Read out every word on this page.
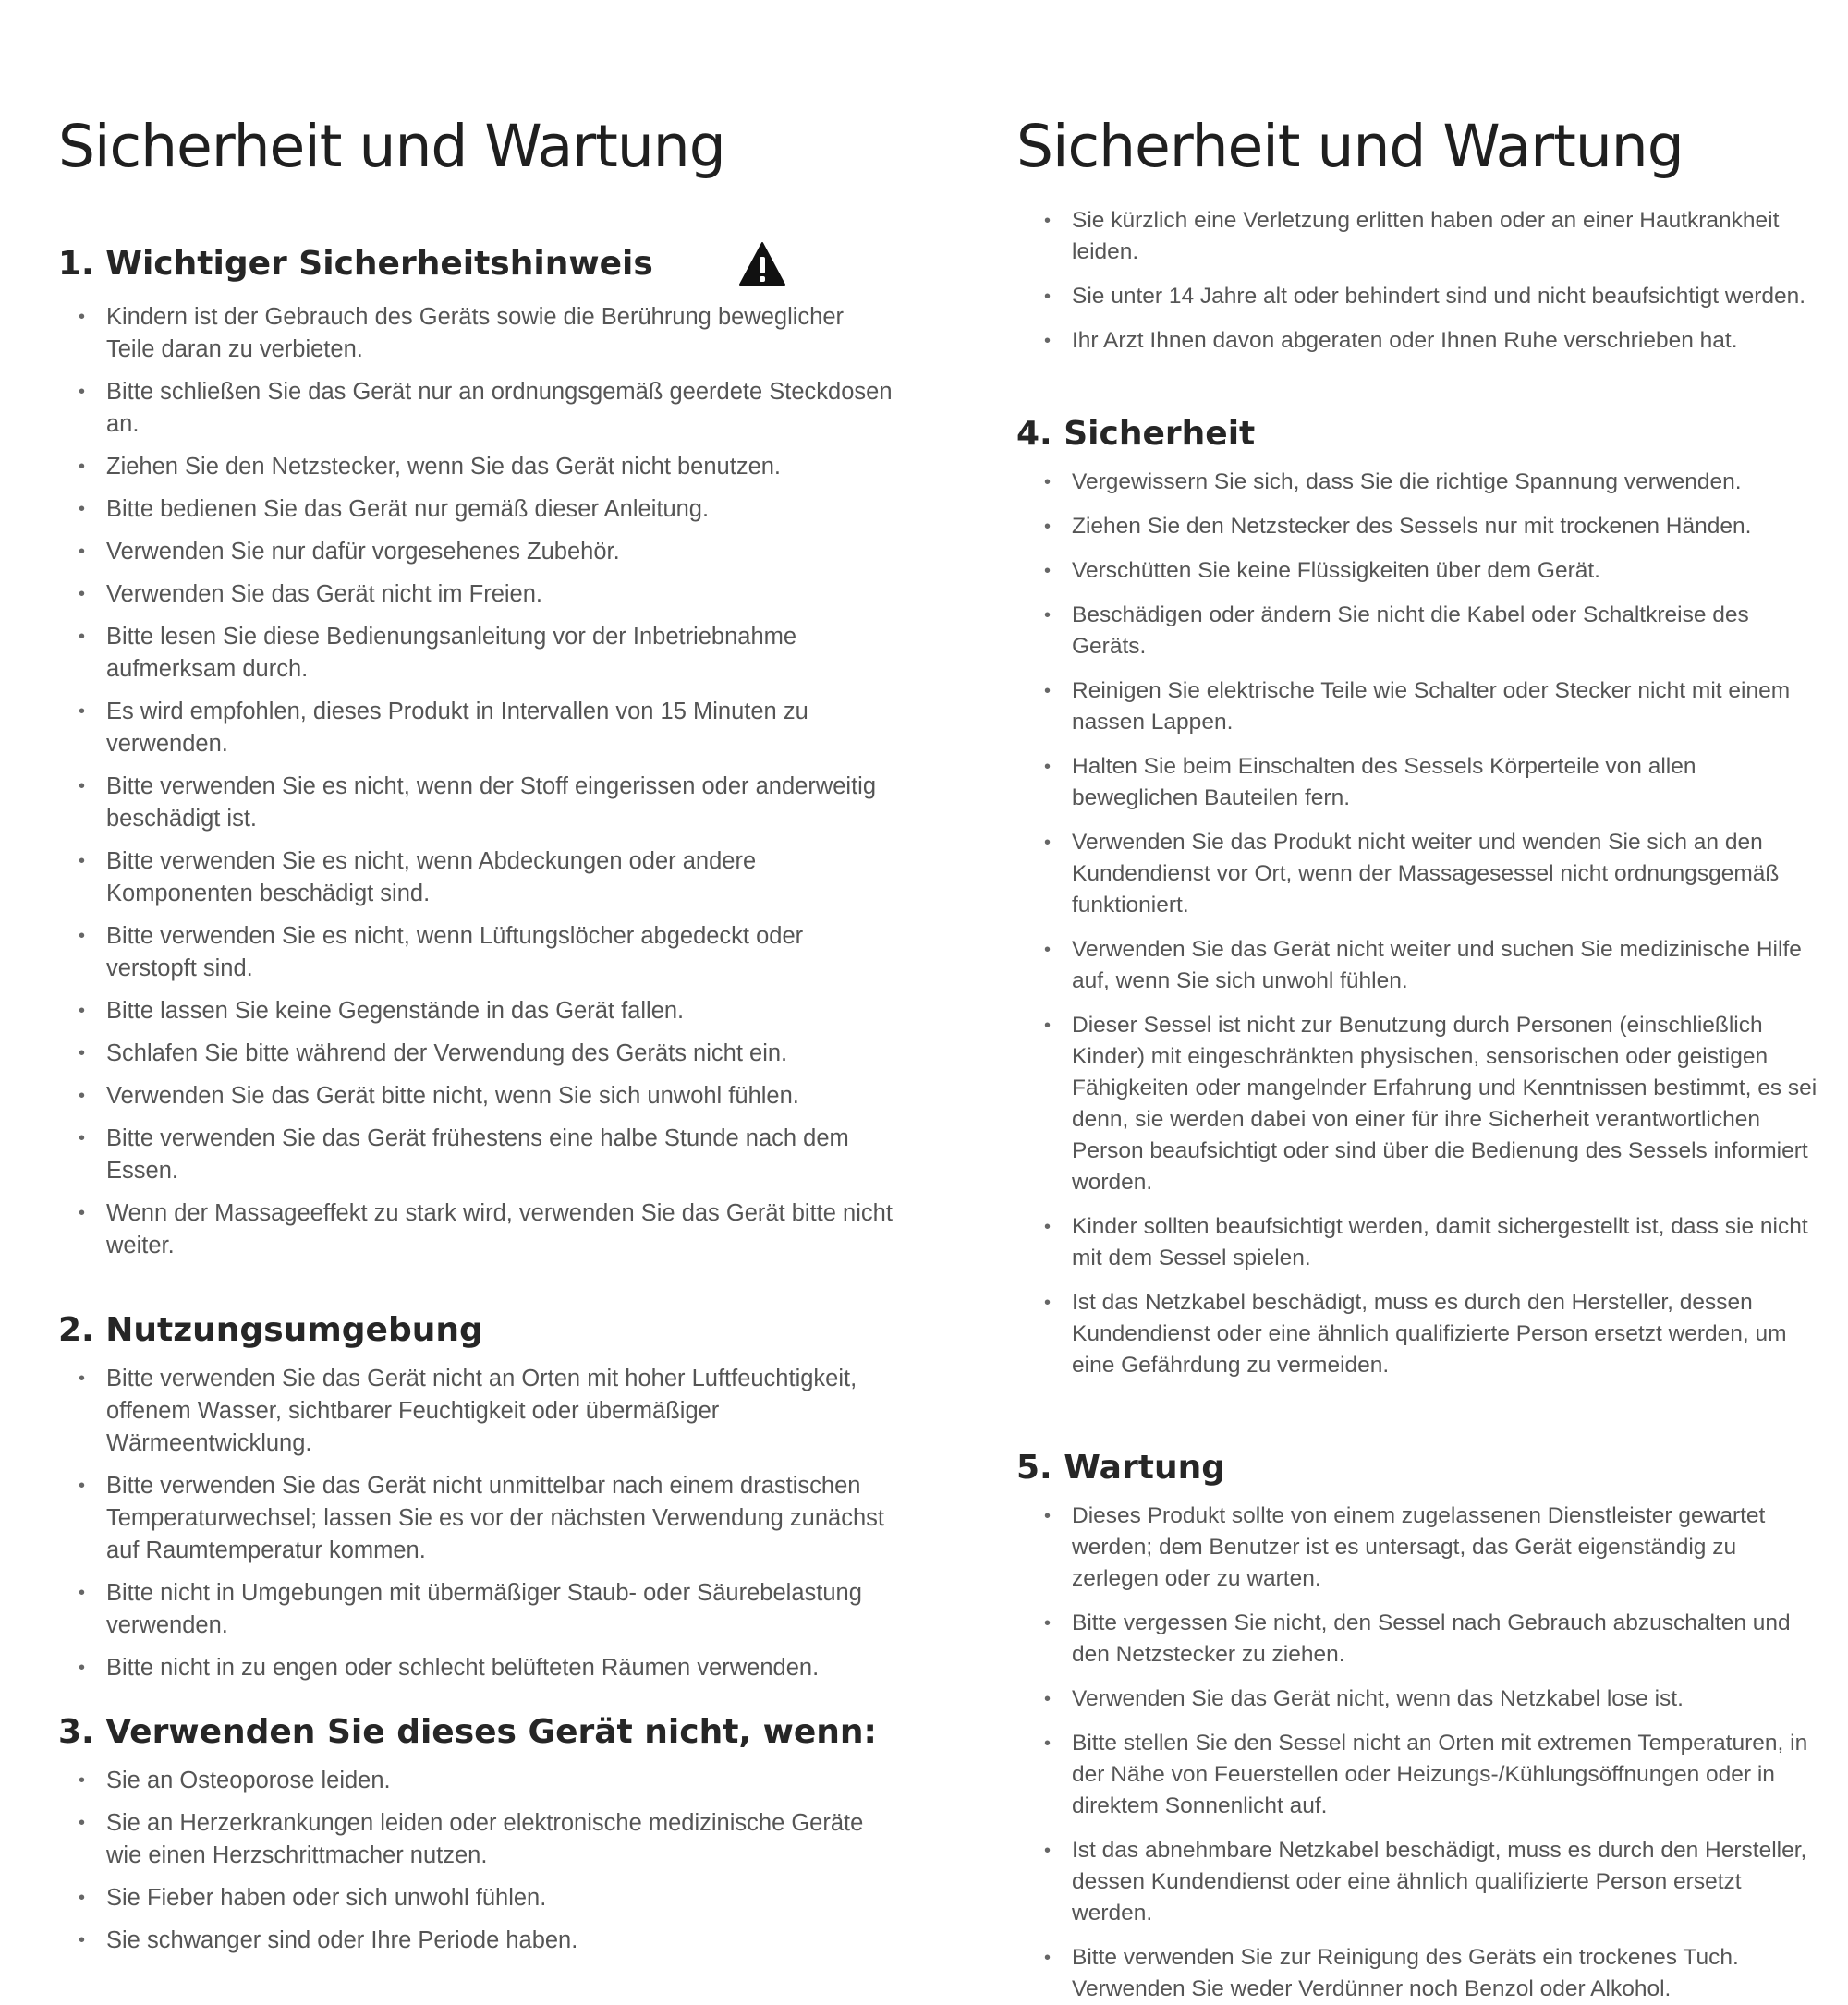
Sicherheit und Wartung
1. Wichtiger Sicherheitshinweis
• Kindern ist der Gebrauch des Geräts sowie die Berührung beweglicher Teile daran zu verbieten.
• Bitte schließen Sie das Gerät nur an ordnungsgemäß geerdete Steckdosen an.
• Ziehen Sie den Netzstecker, wenn Sie das Gerät nicht benutzen.
• Bitte bedienen Sie das Gerät nur gemäß dieser Anleitung.
• Verwenden Sie nur dafür vorgesehenes Zubehör.
• Verwenden Sie das Gerät nicht im Freien.
• Bitte lesen Sie diese Bedienungsanleitung vor der Inbetriebnahme aufmerksam durch.
• Es wird empfohlen, dieses Produkt in Intervallen von 15 Minuten zu verwenden.
• Bitte verwenden Sie es nicht, wenn der Stoff eingerissen oder anderweitig beschädigt ist.
• Bitte verwenden Sie es nicht, wenn Abdeckungen oder andere Komponenten beschädigt sind.
• Bitte verwenden Sie es nicht, wenn Lüftungslöcher abgedeckt oder verstopft sind.
• Bitte lassen Sie keine Gegenstände in das Gerät fallen.
• Schlafen Sie bitte während der Verwendung des Geräts nicht ein.
• Verwenden Sie das Gerät bitte nicht, wenn Sie sich unwohl fühlen.
• Bitte verwenden Sie das Gerät frühestens eine halbe Stunde nach dem Essen.
• Wenn der Massageeffekt zu stark wird, verwenden Sie das Gerät bitte nicht weiter.
2. Nutzungsumgebung
• Bitte verwenden Sie das Gerät nicht an Orten mit hoher Luftfeuchtigkeit, offenem Wasser, sichtbarer Feuchtigkeit oder übermäßiger Wärmeentwicklung.
• Bitte verwenden Sie das Gerät nicht unmittelbar nach einem drastischen Temperaturwechsel; lassen Sie es vor der nächsten Verwendung zunächst auf Raumtemperatur kommen.
• Bitte nicht in Umgebungen mit übermäßiger Staub- oder Säurebelastung verwenden.
• Bitte nicht in zu engen oder schlecht belüfteten Räumen verwenden.
3. Verwenden Sie dieses Gerät nicht, wenn:
• Sie an Osteoporose leiden.
• Sie an Herzerkrankungen leiden oder elektronische medizinische Geräte wie einen Herzschrittmacher nutzen.
• Sie Fieber haben oder sich unwohl fühlen.
• Sie schwanger sind oder Ihre Periode haben.
Sicherheit und Wartung
• Sie kürzlich eine Verletzung erlitten haben oder an einer Hautkrankheit leiden.
• Sie unter 14 Jahre alt oder behindert sind und nicht beaufsichtigt werden.
• Ihr Arzt Ihnen davon abgeraten oder Ihnen Ruhe verschrieben hat.
4. Sicherheit
• Vergewissern Sie sich, dass Sie die richtige Spannung verwenden.
• Ziehen Sie den Netzstecker des Sessels nur mit trockenen Händen.
• Verschütten Sie keine Flüssigkeiten über dem Gerät.
• Beschädigen oder ändern Sie nicht die Kabel oder Schaltkreise des Geräts.
• Reinigen Sie elektrische Teile wie Schalter oder Stecker nicht mit einem nassen Lappen.
• Halten Sie beim Einschalten des Sessels Körperteile von allen beweglichen Bauteilen fern.
• Verwenden Sie das Produkt nicht weiter und wenden Sie sich an den Kundendienst vor Ort, wenn der Massagesessel nicht ordnungsgemäß funktioniert.
• Verwenden Sie das Gerät nicht weiter und suchen Sie medizinische Hilfe auf, wenn Sie sich unwohl fühlen.
• Dieser Sessel ist nicht zur Benutzung durch Personen (einschließlich Kinder) mit eingeschränkten physischen, sensorischen oder geistigen Fähigkeiten oder mangelnder Erfahrung und Kenntnissen bestimmt, es sei denn, sie werden dabei von einer für ihre Sicherheit verantwortlichen Person beaufsichtigt oder sind über die Bedienung des Sessels informiert worden.
• Kinder sollten beaufsichtigt werden, damit sichergestellt ist, dass sie nicht mit dem Sessel spielen.
• Ist das Netzkabel beschädigt, muss es durch den Hersteller, dessen Kundendienst oder eine ähnlich qualifizierte Person ersetzt werden, um eine Gefährdung zu vermeiden.
5. Wartung
• Dieses Produkt sollte von einem zugelassenen Dienstleister gewartet werden; dem Benutzer ist es untersagt, das Gerät eigenständig zu zerlegen oder zu warten.
• Bitte vergessen Sie nicht, den Sessel nach Gebrauch abzuschalten und den Netzstecker zu ziehen.
• Verwenden Sie das Gerät nicht, wenn das Netzkabel lose ist.
• Bitte stellen Sie den Sessel nicht an Orten mit extremen Temperaturen, in der Nähe von Feuerstellen oder Heizungs-/Kühlungsöffnungen oder in direktem Sonnenlicht auf.
• Ist das abnehmbare Netzkabel beschädigt, muss es durch den Hersteller, dessen Kundendienst oder eine ähnlich qualifizierte Person ersetzt werden.
• Bitte verwenden Sie zur Reinigung des Geräts ein trockenes Tuch. Verwenden Sie weder Verdünner noch Benzol oder Alkohol.
